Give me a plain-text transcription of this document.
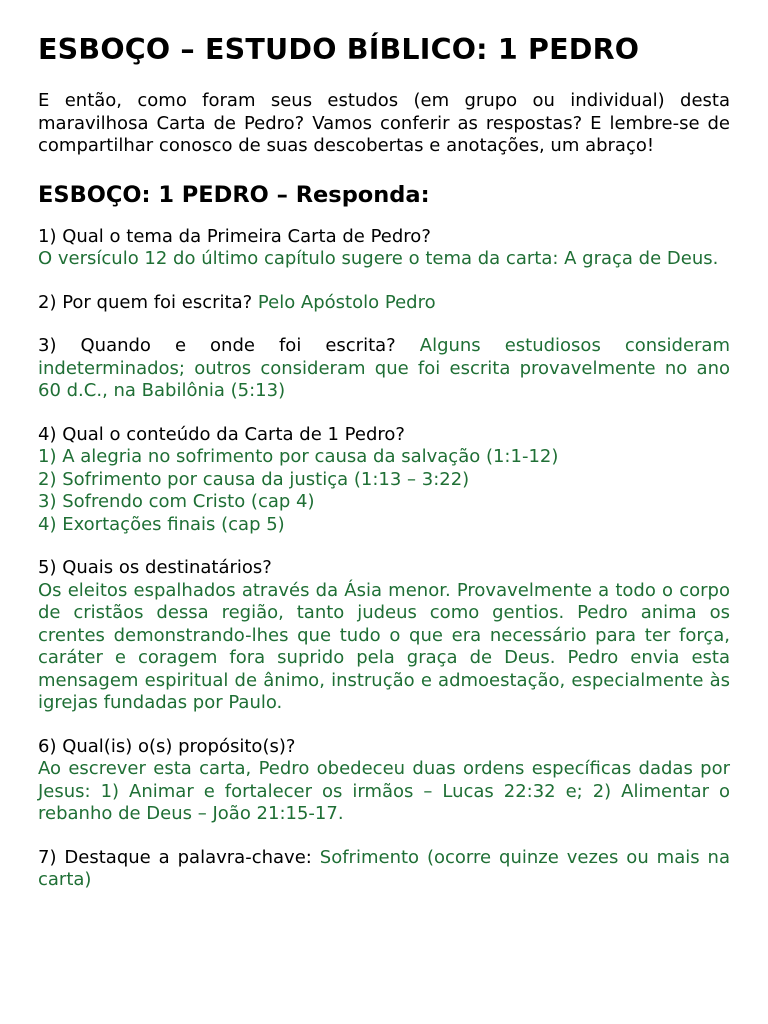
ESBOÇO – ESTUDO BÍBLICO: 1 PEDRO

E então, como foram seus estudos (em grupo ou individual) desta maravilhosa Carta de Pedro? Vamos conferir as respostas? E lembre-se de compartilhar conosco de suas descobertas e anotações, um abraço!

ESBOÇO: 1 PEDRO – Responda:
1) Qual o tema da Primeira Carta de Pedro?
O versículo 12 do último capítulo sugere o tema da carta: A graça de Deus.
2) Por quem foi escrita? Pelo Apóstolo Pedro
3) Quando e onde foi escrita? Alguns estudiosos consideram indeterminados; outros consideram que foi escrita provavelmente no ano 60 d.C., na Babilônia (5:13)
4) Qual o conteúdo da Carta de 1 Pedro?
1) A alegria no sofrimento por causa da salvação (1:1-12)
2) Sofrimento por causa da justiça (1:13 – 3:22)
3) Sofrendo com Cristo (cap 4)
4) Exortações finais (cap 5)
5) Quais os destinatários?
Os eleitos espalhados através da Ásia menor. Provavelmente a todo o corpo de cristãos dessa região, tanto judeus como gentios. Pedro anima os crentes demonstrando-lhes que tudo o que era necessário para ter força, caráter e coragem fora suprido pela graça de Deus. Pedro envia esta mensagem espiritual de ânimo, instrução e admoestação, especialmente às igrejas fundadas por Paulo.
6) Qual(is) o(s) propósito(s)?
Ao escrever esta carta, Pedro obedeceu duas ordens específicas dadas por Jesus: 1) Animar e fortalecer os irmãos – Lucas 22:32 e; 2) Alimentar o rebanho de Deus – João 21:15-17.
7) Destaque a palavra-chave: Sofrimento (ocorre quinze vezes ou mais na carta)
